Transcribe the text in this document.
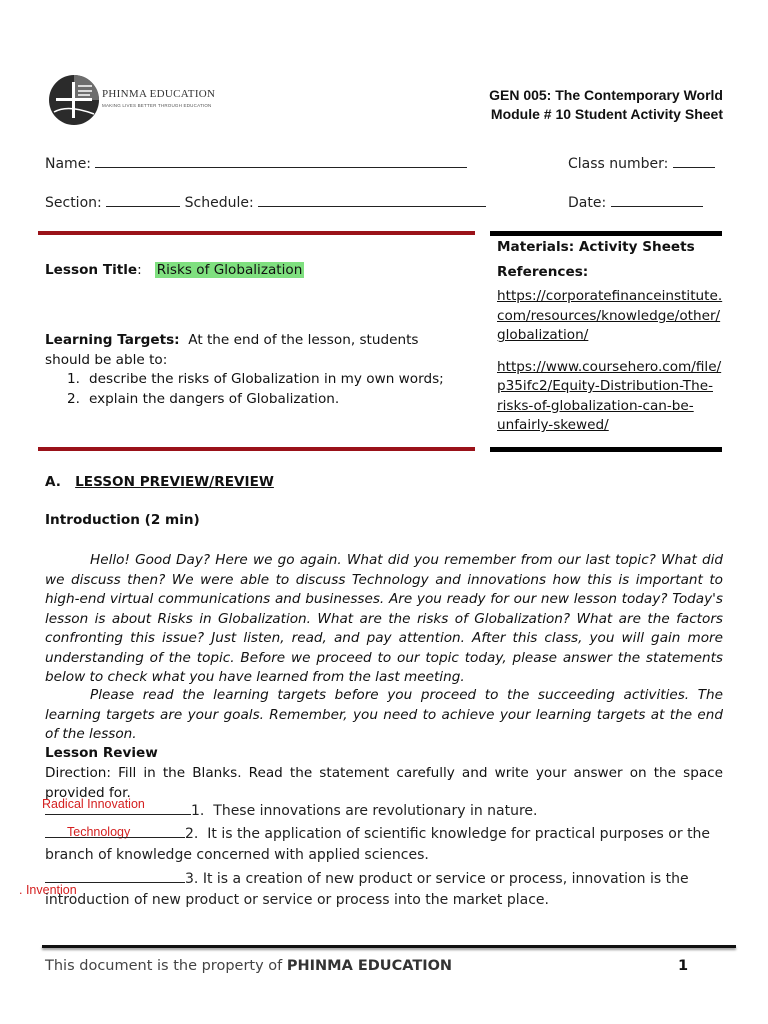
PHINMA EDUCATION
MAKING LIVES BETTER THROUGH EDUCATION
GEN 005: The Contemporary World
Module # 10 Student Activity Sheet
Name:	Class number:
Section:	Schedule:	Date:
Lesson Title:   Risks of Globalization
Learning Targets: At the end of the lesson, students should be able to:
1. describe the risks of Globalization in my own words;
2. explain the dangers of Globalization.
Materials: Activity Sheets
References:
https://corporatefinanceinstitute.
com/resources/knowledge/other/
globalization/
https://www.coursehero.com/file/
p35ifc2/Equity-Distribution-The-
risks-of-globalization-can-be-
unfairly-skewed/
A. LESSON PREVIEW/REVIEW
Introduction (2 min)
Hello! Good Day? Here we go again. What did you remember from our last topic? What did we discuss then? We were able to discuss Technology and innovations how this is important to high-end virtual communications and businesses. Are you ready for our new lesson today? Today's lesson is about Risks in Globalization. What are the risks of Globalization? What are the factors confronting this issue? Just listen, read, and pay attention. After this class, you will gain more understanding of the topic. Before we proceed to our topic today, please answer the statements below to check what you have learned from the last meeting.
Please read the learning targets before you proceed to the succeeding activities. The learning targets are your goals. Remember, you need to achieve your learning targets at the end of the lesson.
Lesson Review
Direction: Fill in the Blanks. Read the statement carefully and write your answer on the space provided for.
Radical Innovation
Technology
. Invention
1. These innovations are revolutionary in nature.
2. It is the application of scientific knowledge for practical purposes or the branch of knowledge concerned with applied sciences.
3. It is a creation of new product or service or process, innovation is the introduction of new product or service or process into the market place.
This document is the property of PHINMA EDUCATION	1
